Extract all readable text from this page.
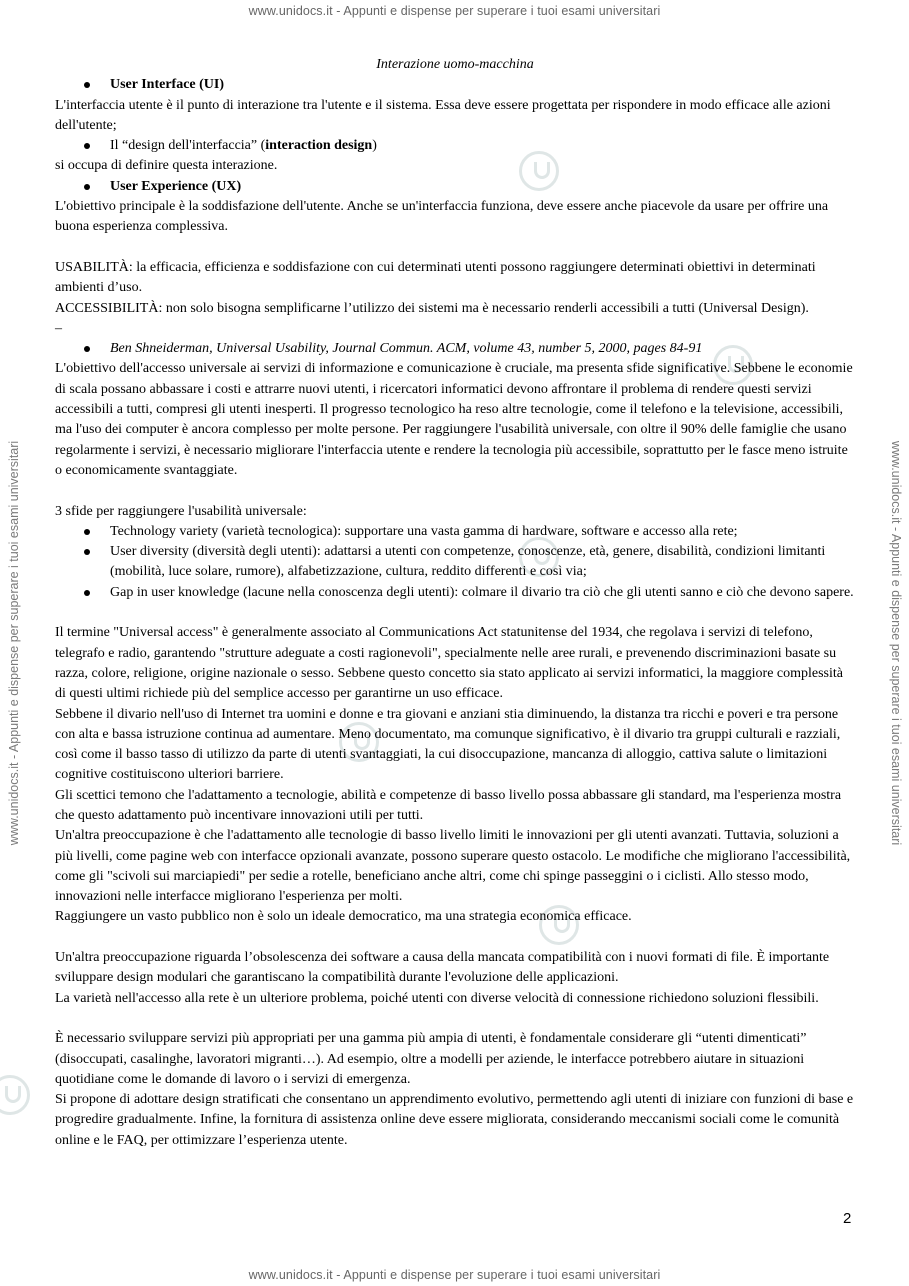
www.unidocs.it - Appunti e dispense per superare i tuoi esami universitari
www.unidocs.it - Appunti e dispense per superare i tuoi esami universitari
www.unidocs.it - Appunti e dispense per superare i tuoi esami universitari	www.unidocs.it - Appunti e dispense per superare i tuoi esami universitari
Interazione uomo-macchina
User Interface (UI)

L'interfaccia utente è il punto di interazione tra l'utente e il sistema. Essa deve essere progettata per rispondere in modo efficace alle azioni dell'utente;

Il “design dell'interfaccia” (interaction design)

si occupa di definire questa interazione.

User Experience (UX)

L'obiettivo principale è la soddisfazione dell'utente. Anche se un'interfaccia funziona, deve essere anche piacevole da usare per offrire una buona esperienza complessiva.

USABILITÀ: la efficacia, efficienza e soddisfazione con cui determinati utenti possono raggiungere determinati obiettivi in determinati ambienti d’uso.

ACCESSIBILITÀ: non solo bisogna semplificarne l’utilizzo dei sistemi ma è necessario renderli accessibili a tutti (Universal Design).

–

Ben Shneiderman, Universal Usability, Journal Commun. ACM, volume 43, number 5, 2000, pages 84-91

L'obiettivo dell'accesso universale ai servizi di informazione e comunicazione è cruciale, ma presenta sfide significative. Sebbene le economie di scala possano abbassare i costi e attrarre nuovi utenti, i ricercatori informatici devono affrontare il problema di rendere questi servizi accessibili a tutti, compresi gli utenti inesperti. Il progresso tecnologico ha reso altre tecnologie, come il telefono e la televisione, accessibili, ma l'uso dei computer è ancora complesso per molte persone. Per raggiungere l'usabilità universale, con oltre il 90% delle famiglie che usano regolarmente i servizi, è necessario migliorare l'interfaccia utente e rendere la tecnologia più accessibile, soprattutto per le fasce meno istruite o economicamente svantaggiate.

3 sfide per raggiungere l'usabilità universale:

Technology variety (varietà tecnologica): supportare una vasta gamma di hardware, software e accesso alla rete;
User diversity (diversità degli utenti): adattarsi a utenti con competenze, conoscenze, età, genere, disabilità, condizioni limitanti (mobilità, luce solare, rumore), alfabetizzazione, cultura, reddito differenti e così via;
Gap in user knowledge (lacune nella conoscenza degli utenti): colmare il divario tra ciò che gli utenti sanno e ciò che devono sapere.

Il termine "Universal access" è generalmente associato al Communications Act statunitense del 1934, che regolava i servizi di telefono, telegrafo e radio, garantendo "strutture adeguate a costi ragionevoli", specialmente nelle aree rurali, e prevenendo discriminazioni basate su razza, colore, religione, origine nazionale o sesso. Sebbene questo concetto sia stato applicato ai servizi informatici, la maggiore complessità di questi ultimi richiede più del semplice accesso per garantirne un uso efficace.

Sebbene il divario nell'uso di Internet tra uomini e donne e tra giovani e anziani stia diminuendo, la distanza tra ricchi e poveri e tra persone con alta e bassa istruzione continua ad aumentare. Meno documentato, ma comunque significativo, è il divario tra gruppi culturali e razziali, così come il basso tasso di utilizzo da parte di utenti svantaggiati, la cui disoccupazione, mancanza di alloggio, cattiva salute o limitazioni cognitive costituiscono ulteriori barriere.

Gli scettici temono che l'adattamento a tecnologie, abilità e competenze di basso livello possa abbassare gli standard, ma l'esperienza mostra che questo adattamento può incentivare innovazioni utili per tutti.

Un'altra preoccupazione è che l'adattamento alle tecnologie di basso livello limiti le innovazioni per gli utenti avanzati. Tuttavia, soluzioni a più livelli, come pagine web con interfacce opzionali avanzate, possono superare questo ostacolo. Le modifiche che migliorano l'accessibilità, come gli "scivoli sui marciapiedi" per sedie a rotelle, beneficiano anche altri, come chi spinge passeggini o i ciclisti. Allo stesso modo, innovazioni nelle interfacce migliorano l'esperienza per molti.

Raggiungere un vasto pubblico non è solo un ideale democratico, ma una strategia economica efficace.

Un'altra preoccupazione riguarda l’obsolescenza dei software a causa della mancata compatibilità con i nuovi formati di file. È importante sviluppare design modulari che garantiscano la compatibilità durante l'evoluzione delle applicazioni.

La varietà nell'accesso alla rete è un ulteriore problema, poiché utenti con diverse velocità di connessione richiedono soluzioni flessibili.

È necessario sviluppare servizi più appropriati per una gamma più ampia di utenti, è fondamentale considerare gli “utenti dimenticati” (disoccupati, casalinghe, lavoratori migranti…). Ad esempio, oltre a modelli per aziende, le interfacce potrebbero aiutare in situazioni quotidiane come le domande di lavoro o i servizi di emergenza.

Si propone di adottare design stratificati che consentano un apprendimento evolutivo, permettendo agli utenti di iniziare con funzioni di base e progredire gradualmente. Infine, la fornitura di assistenza online deve essere migliorata, considerando meccanismi sociali come le comunità online e le FAQ, per ottimizzare l’esperienza utente.

2
